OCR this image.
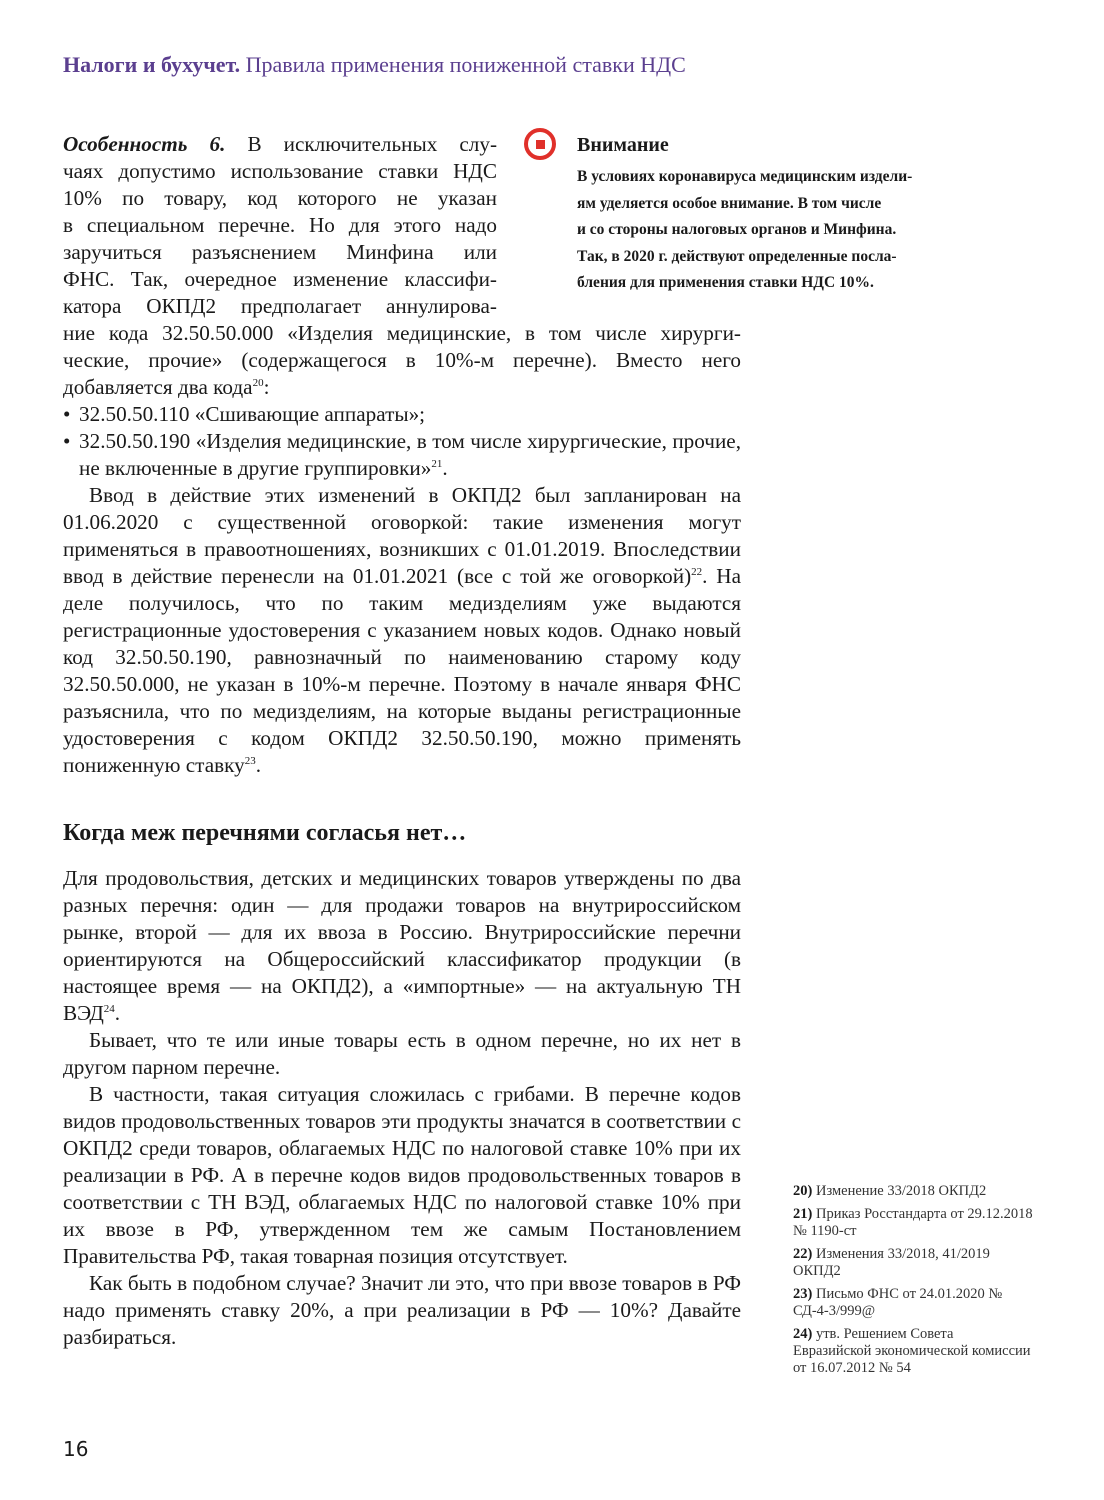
Налоги и бухучет. Правила применения пониженной ставки НДС
Особенность 6. В исключительных слу-
чаях допустимо использование ставки НДС
10% по товару, код которого не указан
в специальном перечне. Но для этого надо
заручиться разъяснением Минфина или
ФНС. Так, очередное изменение классифи-
катора ОКПД2 предполагает аннулирова-
ние кода 32.50.50.000 «Изделия медицинские, в том числе хирурги-
ческие, прочие» (содержащегося в 10%-м перечне). Вместо него
добавляется два кода$^{20}$:
• 32.50.50.110 «Сшивающие аппараты»;
• 32.50.50.190 «Изделия медицинские, в том числе хирургические, прочие, не включенные в другие группировки»$^{21}$.

Ввод в действие этих изменений в ОКПД2 был запланирован на 01.06.2020 с существенной оговоркой: такие изменения могут применяться в правоотношениях, возникших с 01.01.2019. Впоследствии ввод в действие перенесли на 01.01.2021 (все с той же оговоркой)$^{22}$. На деле получилось, что по таким медизделиям уже выдаются регистрационные удостоверения с указанием новых кодов. Однако новый код 32.50.50.190, равнозначный по наименованию старому коду 32.50.50.000, не указан в 10%-м перечне. Поэтому в начале января ФНС разъяснила, что по медизделиям, на которые выданы регистрационные удостоверения с кодом ОКПД2 32.50.50.190, можно применять пониженную ставку$^{23}$.

Внимание
В условиях коронавируса медицинским издели-
ям уделяется особое внимание. В том числе
и со стороны налоговых органов и Минфина.
Так, в 2020 г. действуют определенные посла-
бления для применения ставки НДС 10%.
Когда меж перечнями согласья нет…

Для продовольствия, детских и медицинских товаров утверждены по два разных перечня: один — для продажи товаров на внутрироссийском рынке, второй — для их ввоза в Россию. Внутрироссийские перечни ориентируются на Общероссийский классификатор продукции (в настоящее время — на ОКПД2), а «импортные» — на актуальную ТН ВЭД$^{24}$.

Бывает, что те или иные товары есть в одном перечне, но их нет в другом парном перечне.

В частности, такая ситуация сложилась с грибами. В перечне кодов видов продовольственных товаров эти продукты значатся в соответствии с ОКПД2 среди товаров, облагаемых НДС по налоговой ставке 10% при их реализации в РФ. А в перечне кодов видов продовольственных товаров в соответствии с ТН ВЭД, облагаемых НДС по налоговой ставке 10% при их ввозе в РФ, утвержденном тем же самым Постановлением Правительства РФ, такая товарная позиция отсутствует.

Как быть в подобном случае? Значит ли это, что при ввозе товаров в РФ надо применять ставку 20%, а при реализации в РФ — 10%? Давайте разбираться.

20) Изменение 33/2018 ОКПД2
21) Приказ Росстандарта от 29.12.2018 № 1190-ст
22) Изменения 33/2018, 41/2019 ОКПД2
23) Письмо ФНС от 24.01.2020 № СД-4-3/999@
24) утв. Решением Совета Евразийской экономической комиссии от 16.07.2012 № 54
16
